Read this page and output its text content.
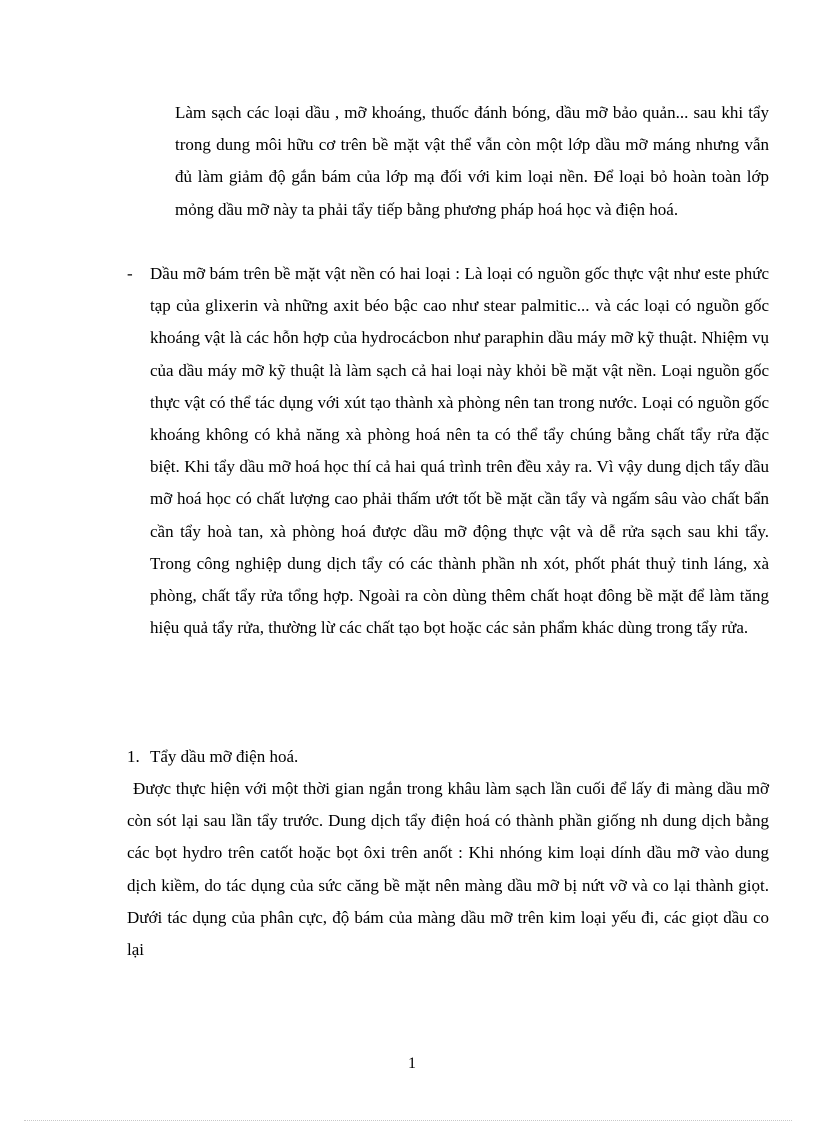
Làm sạch các loại dầu , mỡ khoáng, thuốc đánh bóng, dầu mỡ bảo quản... sau khi tẩy trong dung môi hữu cơ trên bề mặt vật thể vẫn còn một lớp dầu mỡ máng nhưng vẫn đủ làm giảm độ gắn bám của lớp mạ đối với kim loại nền. Để loại bỏ hoàn toàn lớp mỏng dầu mỡ này ta phải tẩy tiếp bằng phương pháp hoá học và điện hoá.

- Dầu mỡ bám trên bề mặt vật nền có hai loại : Là loại có nguồn gốc thực vật như este phức tạp của glixerin và những axit béo bậc cao như stear palmitic... và các loại có nguồn gốc khoáng vật là các hỗn hợp của hydrocácbon như paraphin dầu máy mỡ kỹ thuật. Nhiệm vụ của dầu máy mỡ kỹ thuật là làm sạch cả hai loại này khỏi bề mặt vật nền. Loại nguồn gốc thực vật có thể tác dụng với xút tạo thành xà phòng nên tan trong nước. Loại có nguồn gốc khoáng không có khả năng xà phòng hoá nên ta có thể tẩy chúng bằng chất tẩy rửa đặc biệt. Khi tẩy dầu mỡ hoá học thí cả hai quá trình trên đều xảy ra. Vì vậy dung dịch tẩy dầu mỡ hoá học có chất lượng cao phải thấm ướt tốt bề mặt cần tẩy và ngấm sâu vào chất bẩn cần tẩy hoà tan, xà phòng hoá được dầu mỡ động thực vật và dễ rửa sạch sau khi tẩy. Trong công nghiệp dung dịch tẩy có các thành phần nh xót, phốt phát thuỷ tinh láng, xà phòng, chất tẩy rửa tổng hợp. Ngoài ra còn dùng thêm chất hoạt đông bề mặt để làm tăng hiệu quả tẩy rửa, thường lừ các chất tạo bọt hoặc các sản phẩm khác dùng trong tẩy rửa.

1. Tẩy dầu mỡ điện hoá.

Được thực hiện với một thời gian ngắn trong khâu làm sạch lần cuối để lấy đi màng dầu mỡ còn sót lại sau lần tẩy trước. Dung dịch tẩy điện hoá có thành phần giống nh dung dịch bằng các bọt hydro trên catốt hoặc bọt ôxi trên anốt : Khi nhóng kim loại dính dầu mỡ vào dung dịch kiềm, do tác dụng của sức căng bề mặt nên màng dầu mỡ bị nứt vỡ và co lại thành giọt. Dưới tác dụng của phân cực, độ bám của màng dầu mỡ trên kim loại yếu đi, các giọt dầu co lại

1
